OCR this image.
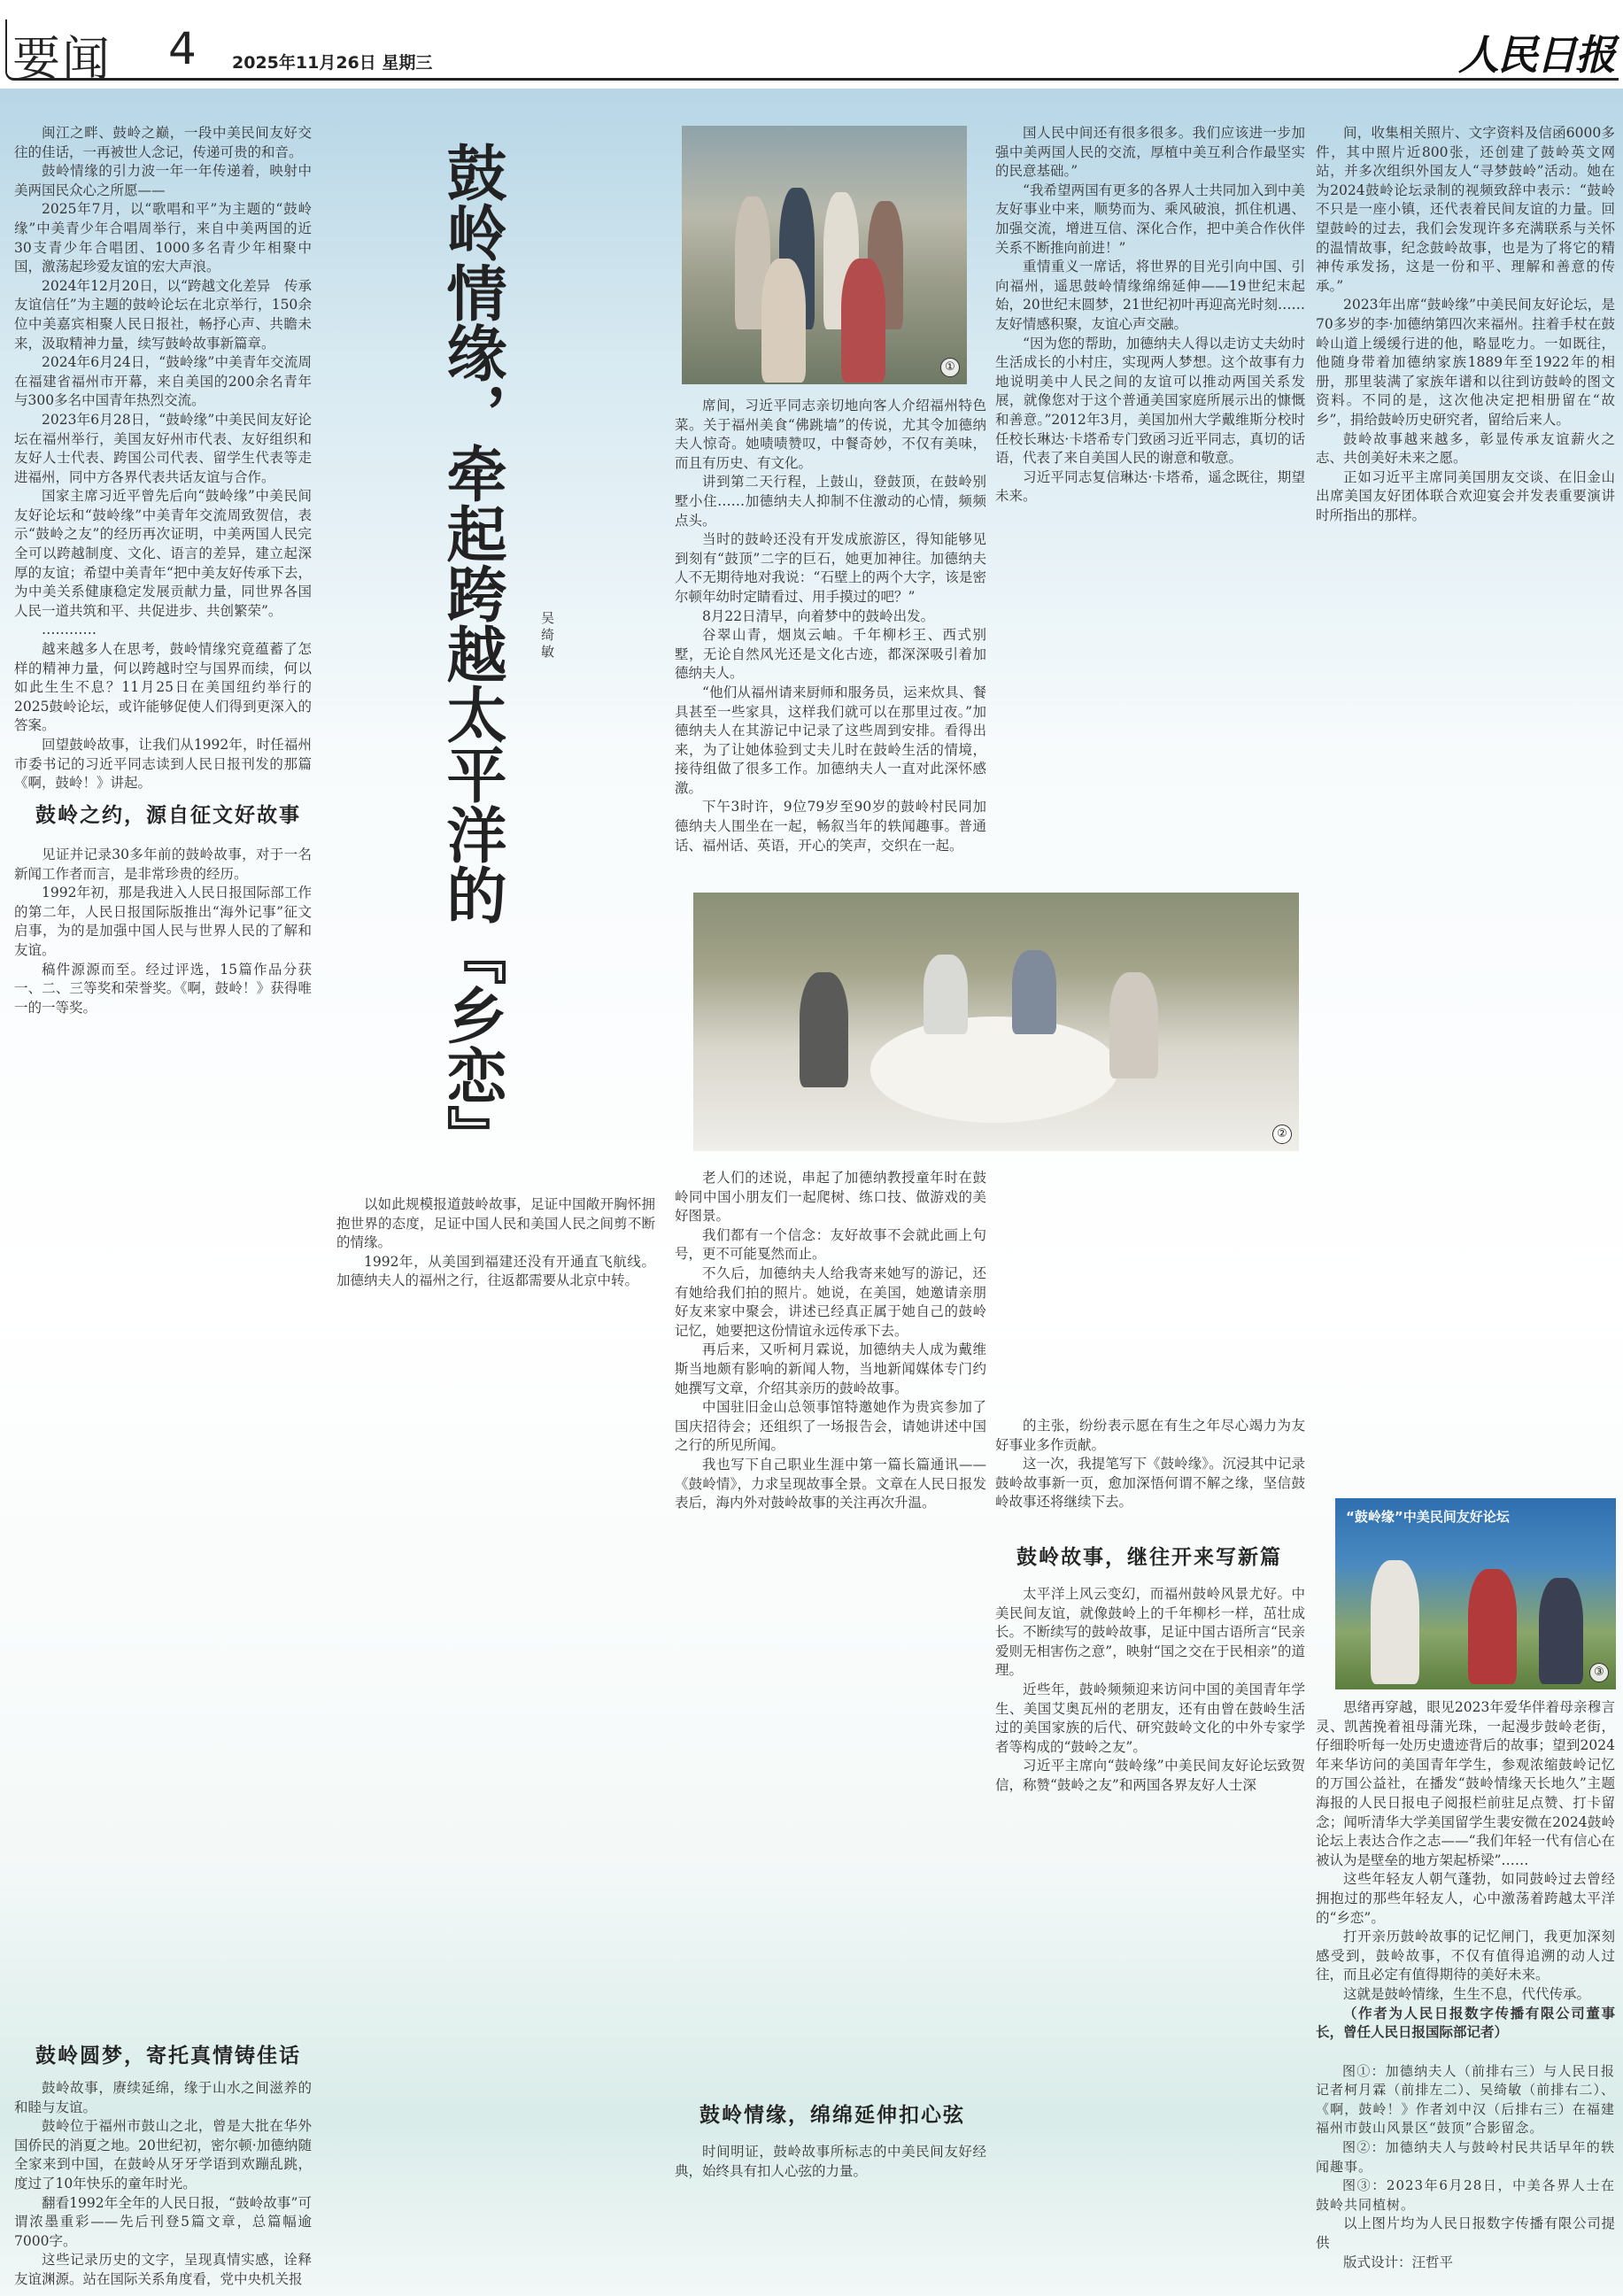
要闻 4 2025年11月26日 星期三	人民日报
鼓岭情缘，牵起跨越太平洋的『乡恋』 吴绮敏

闽江之畔、鼓岭之巅，一段中美民间友好交往的佳话，一再被世人念记，传递可贵的和音。

鼓岭情缘的引力波一年一年传递着，映射中美两国民众心之所愿——

2025年7月，以“歌唱和平”为主题的“鼓岭缘”中美青少年合唱周举行，来自中美两国的近30支青少年合唱团、1000多名青少年相聚中国，激荡起珍爱友谊的宏大声浪。

2024年12月20日，以“跨越文化差异　传承友谊信任”为主题的鼓岭论坛在北京举行，150余位中美嘉宾相聚人民日报社，畅抒心声、共瞻未来，汲取精神力量，续写鼓岭故事新篇章。

2024年6月24日，“鼓岭缘”中美青年交流周在福建省福州市开幕，来自美国的200余名青年与300多名中国青年热烈交流。

2023年6月28日，“鼓岭缘”中美民间友好论坛在福州举行，美国友好州市代表、友好组织和友好人士代表、跨国公司代表、留学生代表等走进福州，同中方各界代表共话友谊与合作。

国家主席习近平曾先后向“鼓岭缘”中美民间友好论坛和“鼓岭缘”中美青年交流周致贺信，表示“鼓岭之友”的经历再次证明，中美两国人民完全可以跨越制度、文化、语言的差异，建立起深厚的友谊；希望中美青年“把中美友好传承下去，为中美关系健康稳定发展贡献力量，同世界各国人民一道共筑和平、共促进步、共创繁荣”。

…………

越来越多人在思考，鼓岭情缘究竟蕴蓄了怎样的精神力量，何以跨越时空与国界而续，何以如此生生不息？11月25日在美国纽约举行的2025鼓岭论坛，或许能够促使人们得到更深入的答案。

回望鼓岭故事，让我们从1992年，时任福州市委书记的习近平同志读到人民日报刊发的那篇《啊，鼓岭！》讲起。

鼓岭之约，源自征文好故事

见证并记录30多年前的鼓岭故事，对于一名新闻工作者而言，是非常珍贵的经历。

1992年初，那是我进入人民日报国际部工作的第二年，人民日报国际版推出“海外记事”征文启事，为的是加强中国人民与世界人民的了解和友谊。

稿件源源而至。经过评选，15篇作品分获一、二、三等奖和荣誉奖。《啊，鼓岭！》获得唯一的一等奖。

鼓岭圆梦，寄托真情铸佳话

鼓岭故事，赓续延绵，缘于山水之间滋养的和睦与友谊。

鼓岭位于福州市鼓山之北，曾是大批在华外国侨民的消夏之地。20世纪初，密尔顿·加德纳随全家来到中国，在鼓岭从牙牙学语到欢蹦乱跳，度过了10年快乐的童年时光。

翻看1992年全年的人民日报，“鼓岭故事”可谓浓墨重彩——先后刊登5篇文章，总篇幅逾7000字。

这些记录历史的文字，呈现真情实感，诠释友谊渊源。站在国际关系角度看，党中央机关报

以如此规模报道鼓岭故事，足证中国敞开胸怀拥抱世界的态度，足证中国人民和美国人民之间剪不断的情缘。

1992年，从美国到福建还没有开通直飞航线。加德纳夫人的福州之行，往返都需要从北京中转。

①

席间，习近平同志亲切地向客人介绍福州特色菜。关于福州美食“佛跳墙”的传说，尤其令加德纳夫人惊奇。她啧啧赞叹，中餐奇妙，不仅有美味，而且有历史、有文化。

讲到第二天行程，上鼓山，登鼓顶，在鼓岭别墅小住……加德纳夫人抑制不住激动的心情，频频点头。

当时的鼓岭还没有开发成旅游区，得知能够见到刻有“鼓顶”二字的巨石，她更加神往。加德纳夫人不无期待地对我说：“石壁上的两个大字，该是密尔顿年幼时定睛看过、用手摸过的吧？”

8月22日清早，向着梦中的鼓岭出发。

谷翠山青，烟岚云岫。千年柳杉王、西式别墅，无论自然风光还是文化古迹，都深深吸引着加德纳夫人。

“他们从福州请来厨师和服务员，运来炊具、餐具甚至一些家具，这样我们就可以在那里过夜。”加德纳夫人在其游记中记录了这些周到安排。看得出来，为了让她体验到丈夫儿时在鼓岭生活的情境，接待组做了很多工作。加德纳夫人一直对此深怀感激。

下午3时许，9位79岁至90岁的鼓岭村民同加德纳夫人围坐在一起，畅叙当年的轶闻趣事。普通话、福州话、英语，开心的笑声，交织在一起。

②

老人们的述说，串起了加德纳教授童年时在鼓岭同中国小朋友们一起爬树、练口技、做游戏的美好图景。

我们都有一个信念：友好故事不会就此画上句号，更不可能戛然而止。

不久后，加德纳夫人给我寄来她写的游记，还有她给我们拍的照片。她说，在美国，她邀请亲朋好友来家中聚会，讲述已经真正属于她自己的鼓岭记忆，她要把这份情谊永远传承下去。

再后来，又听柯月霖说，加德纳夫人成为戴维斯当地颇有影响的新闻人物，当地新闻媒体专门约她撰写文章，介绍其亲历的鼓岭故事。

中国驻旧金山总领事馆特邀她作为贵宾参加了国庆招待会；还组织了一场报告会，请她讲述中国之行的所见所闻。

我也写下自己职业生涯中第一篇长篇通讯——《鼓岭情》，力求呈现故事全景。文章在人民日报发表后，海内外对鼓岭故事的关注再次升温。

鼓岭情缘，绵绵延伸扣心弦

时间明证，鼓岭故事所标志的中美民间友好经典，始终具有扣人心弦的力量。

国人民中间还有很多很多。我们应该进一步加强中美两国人民的交流，厚植中美互利合作最坚实的民意基础。”

“我希望两国有更多的各界人士共同加入到中美友好事业中来，顺势而为、乘风破浪，抓住机遇、加强交流，增进互信、深化合作，把中美合作伙伴关系不断推向前进！”

重情重义一席话，将世界的目光引向中国、引向福州，遥思鼓岭情缘绵绵延伸——19世纪末起始，20世纪末圆梦，21世纪初叶再迎高光时刻……友好情感积聚，友谊心声交融。

“因为您的帮助，加德纳夫人得以走访丈夫幼时生活成长的小村庄，实现两人梦想。这个故事有力地说明美中人民之间的友谊可以推动两国关系发展，就像您对于这个普通美国家庭所展示出的慷慨和善意。”2012年3月，美国加州大学戴维斯分校时任校长琳达·卡塔希专门致函习近平同志，真切的话语，代表了来自美国人民的谢意和敬意。

习近平同志复信琳达·卡塔希，遥念既往，期望未来。

的主张，纷纷表示愿在有生之年尽心竭力为友好事业多作贡献。

这一次，我提笔写下《鼓岭缘》。沉浸其中记录鼓岭故事新一页，愈加深悟何谓不解之缘，坚信鼓岭故事还将继续下去。

鼓岭故事，继往开来写新篇

太平洋上风云变幻，而福州鼓岭风景尤好。中美民间友谊，就像鼓岭上的千年柳杉一样，茁壮成长。不断续写的鼓岭故事，足证中国古语所言“民亲爱则无相害伤之意”，映射“国之交在于民相亲”的道理。

近些年，鼓岭频频迎来访问中国的美国青年学生、美国艾奥瓦州的老朋友，还有由曾在鼓岭生活过的美国家族的后代、研究鼓岭文化的中外专家学者等构成的“鼓岭之友”。

习近平主席向“鼓岭缘”中美民间友好论坛致贺信，称赞“鼓岭之友”和两国各界友好人士深

间，收集相关照片、文字资料及信函6000多件，其中照片近800张，还创建了鼓岭英文网站，并多次组织外国友人“寻梦鼓岭”活动。她在为2024鼓岭论坛录制的视频致辞中表示：“鼓岭不只是一座小镇，还代表着民间友谊的力量。回望鼓岭的过去，我们会发现许多充满联系与关怀的温情故事，纪念鼓岭故事，也是为了将它的精神传承发扬，这是一份和平、理解和善意的传承。”

2023年出席“鼓岭缘”中美民间友好论坛，是70多岁的李·加德纳第四次来福州。拄着手杖在鼓岭山道上缓缓行进的他，略显吃力。一如既往，他随身带着加德纳家族1889年至1922年的相册，那里装满了家族年谱和以往到访鼓岭的图文资料。不同的是，这次他决定把相册留在“故乡”，捐给鼓岭历史研究者，留给后来人。

鼓岭故事越来越多，彰显传承友谊薪火之志、共创美好未来之愿。

正如习近平主席同美国朋友交谈、在旧金山出席美国友好团体联合欢迎宴会并发表重要演讲时所指出的那样。

“鼓岭缘”中美民间友好论坛
③

思绪再穿越，眼见2023年爱华伴着母亲穆言灵、凯茜挽着祖母蒲光珠，一起漫步鼓岭老街，仔细聆听每一处历史遗迹背后的故事；望到2024年来华访问的美国青年学生，参观浓缩鼓岭记忆的万国公益社，在播发“鼓岭情缘天长地久”主题海报的人民日报电子阅报栏前驻足点赞、打卡留念；闻听清华大学美国留学生裴安微在2024鼓岭论坛上表达合作之志——“我们年轻一代有信心在被认为是壁垒的地方架起桥梁”……

这些年轻友人朝气蓬勃，如同鼓岭过去曾经拥抱过的那些年轻友人，心中激荡着跨越太平洋的“乡恋”。

打开亲历鼓岭故事的记忆闸门，我更加深刻感受到，鼓岭故事，不仅有值得追溯的动人过往，而且必定有值得期待的美好未来。

这就是鼓岭情缘，生生不息，代代传承。

（作者为人民日报数字传播有限公司董事长，曾任人民日报国际部记者）

图①：加德纳夫人（前排右三）与人民日报记者柯月霖（前排左二）、吴绮敏（前排右二）、《啊，鼓岭！》作者刘中汉（后排右三）在福建福州市鼓山风景区“鼓顶”合影留念。

图②：加德纳夫人与鼓岭村民共话早年的轶闻趣事。

图③：2023年6月28日，中美各界人士在鼓岭共同植树。

以上图片均为人民日报数字传播有限公司提供

版式设计：汪哲平
